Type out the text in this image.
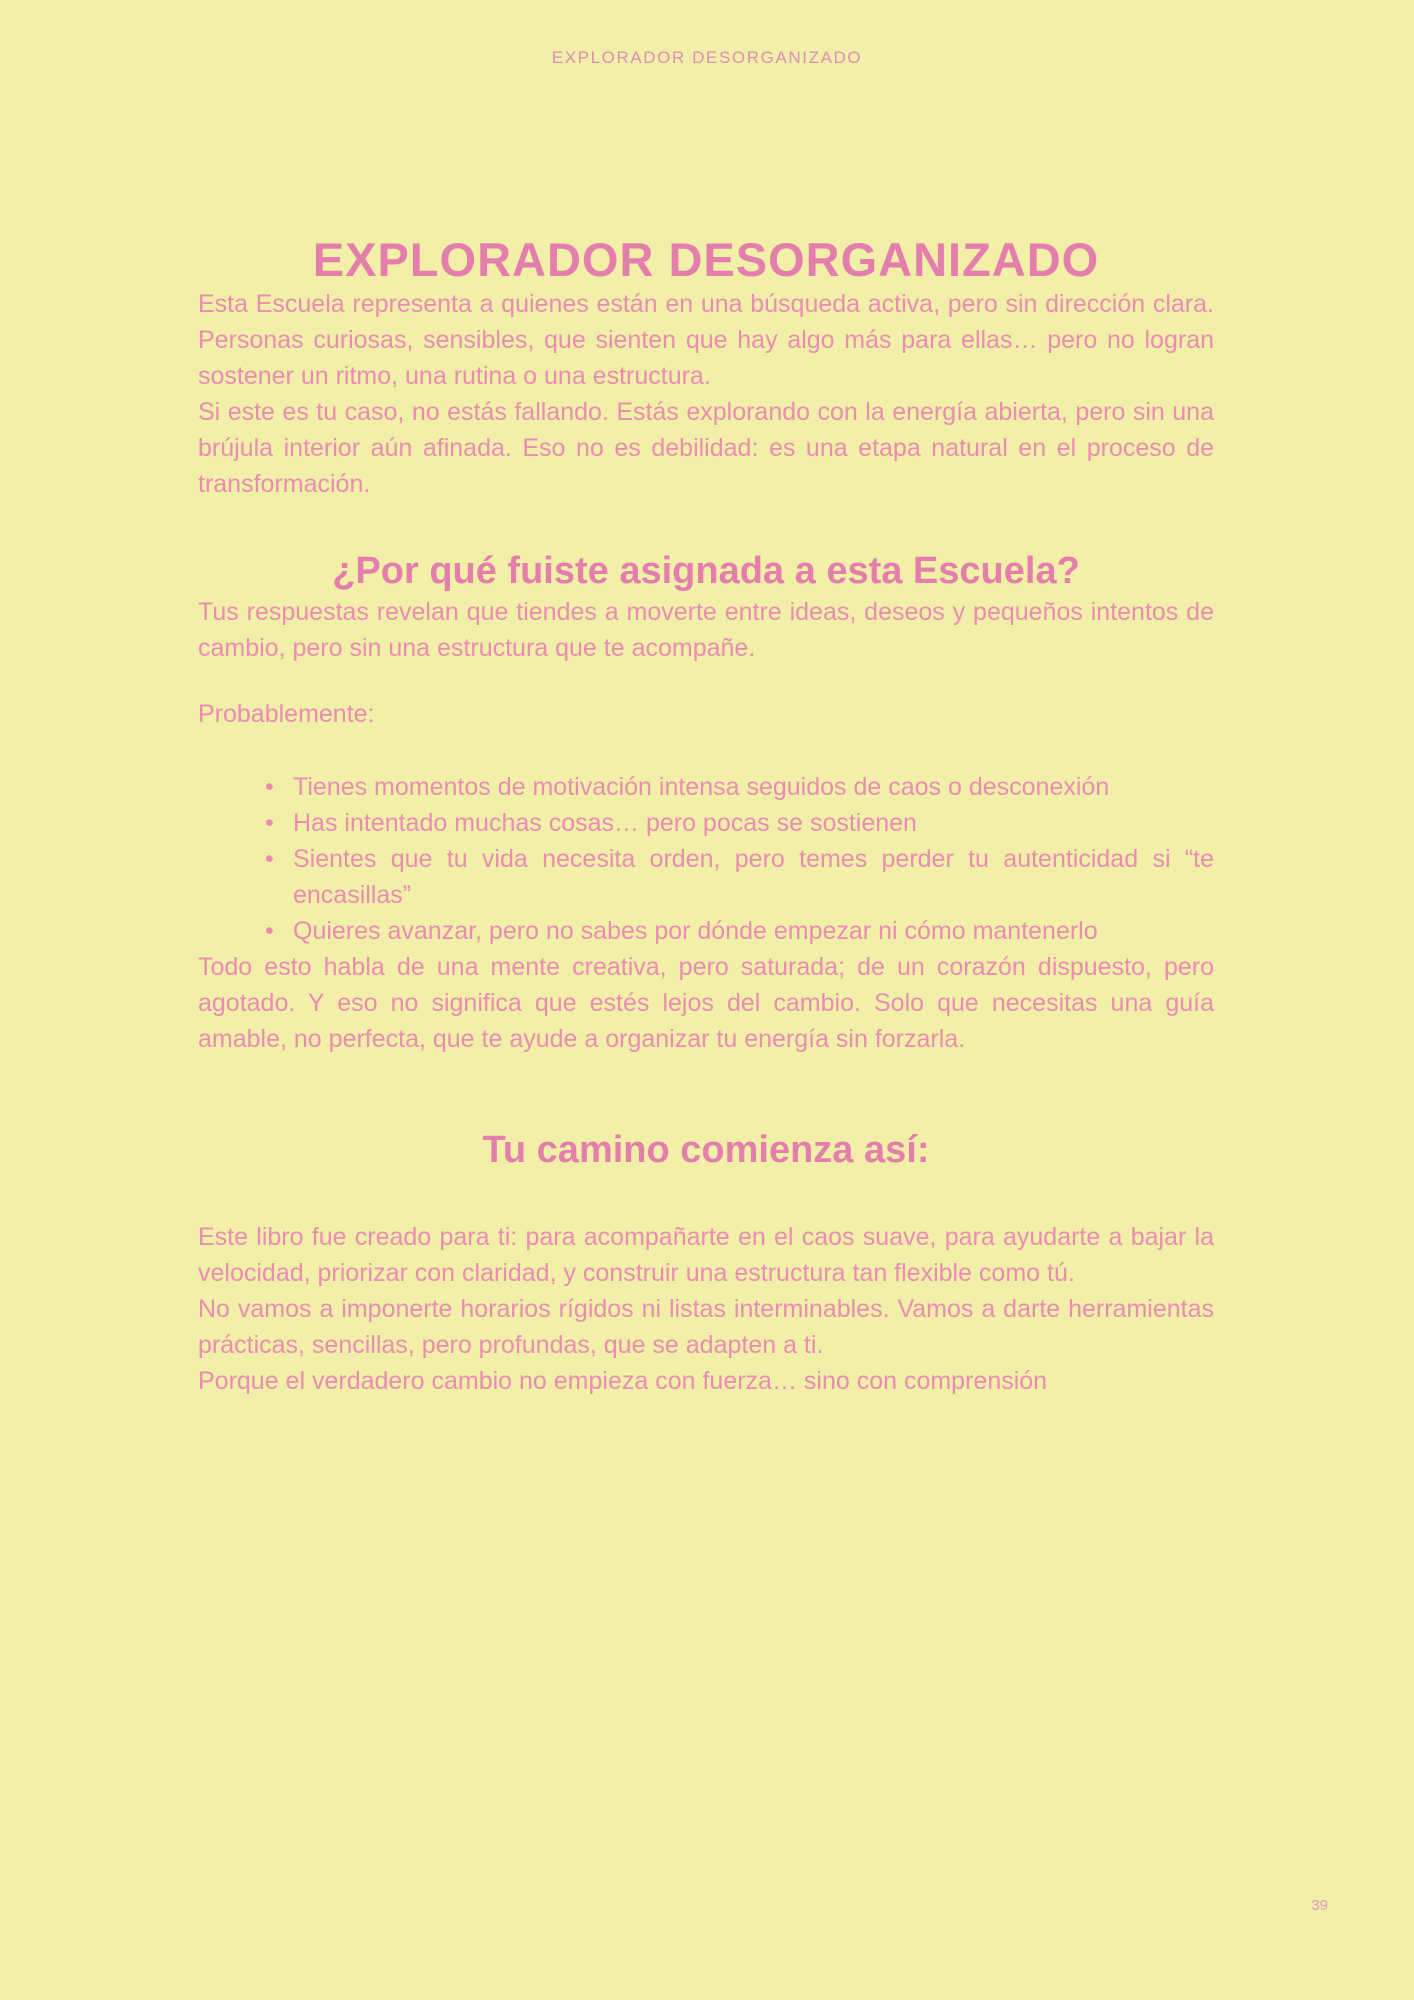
EXPLORADOR DESORGANIZADO
EXPLORADOR DESORGANIZADO

Esta Escuela representa a quienes están en una búsqueda activa, pero sin dirección clara. Personas curiosas, sensibles, que sienten que hay algo más para ellas… pero no logran sostener un ritmo, una rutina o una estructura.

Si este es tu caso, no estás fallando. Estás explorando con la energía abierta, pero sin una brújula interior aún afinada. Eso no es debilidad: es una etapa natural en el proceso de transformación.

¿Por qué fuiste asignada a esta Escuela?

Tus respuestas revelan que tiendes a moverte entre ideas, deseos y pequeños intentos de cambio, pero sin una estructura que te acompañe.

Probablemente:

• Tienes momentos de motivación intensa seguidos de caos o desconexión
• Has intentado muchas cosas… pero pocas se sostienen
• Sientes que tu vida necesita orden, pero temes perder tu autenticidad si “te encasillas”
• Quieres avanzar, pero no sabes por dónde empezar ni cómo mantenerlo

Todo esto habla de una mente creativa, pero saturada; de un corazón dispuesto, pero agotado. Y eso no significa que estés lejos del cambio. Solo que necesitas una guía amable, no perfecta, que te ayude a organizar tu energía sin forzarla.

Tu camino comienza así:

Este libro fue creado para ti: para acompañarte en el caos suave, para ayudarte a bajar la velocidad, priorizar con claridad, y construir una estructura tan flexible como tú.

No vamos a imponerte horarios rígidos ni listas interminables. Vamos a darte herramientas prácticas, sencillas, pero profundas, que se adapten a ti.

Porque el verdadero cambio no empieza con fuerza… sino con comprensión

39
